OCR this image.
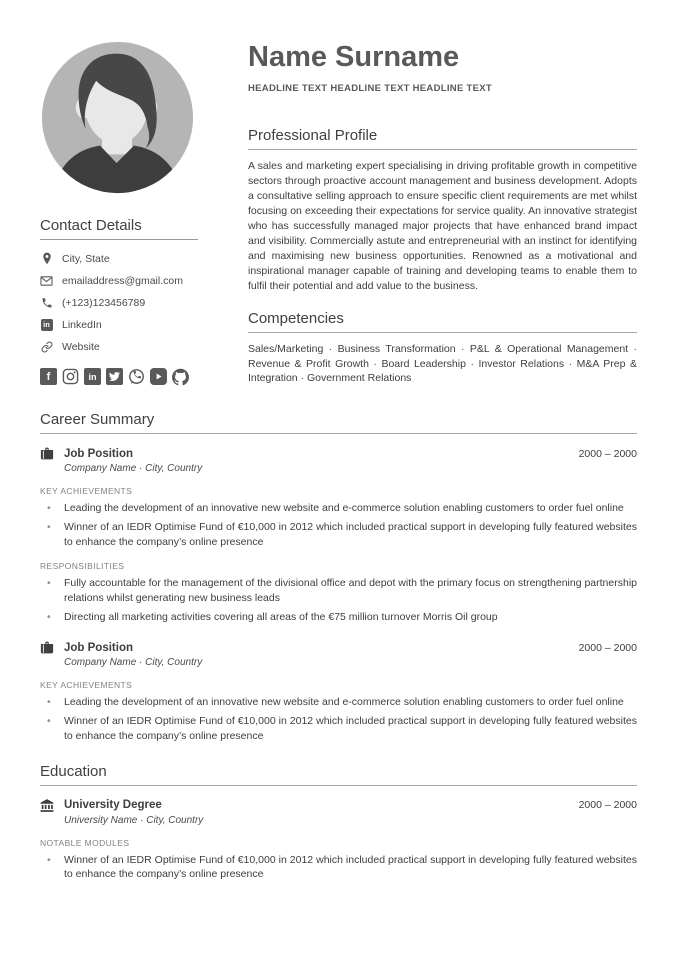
Contact Details
City, State
emailaddress@gmail.com
(+123)123456789
in LinkedIn
Website
f	in
Name Surname
HEADLINE TEXT HEADLINE TEXT HEADLINE TEXT
Professional Profile

A sales and marketing expert specialising in driving profitable growth in competitive sectors through proactive account management and business development. Adopts a consultative selling approach to ensure specific client requirements are met whilst focusing on exceeding their expectations for service quality. An innovative strategist who has successfully managed major projects that have enhanced brand impact and visibility. Commercially astute and entrepreneurial with an instinct for identifying and maximising new business opportunities. Renowned as a motivational and inspirational manager capable of training and developing teams to enable them to fulfil their potential and add value to the business.

Competencies

Sales/Marketing · Business Transformation · P&L & Operational Management · Revenue & Profit Growth · Board Leadership · Investor Relations · M&A Prep & Integration · Government Relations

Career Summary
Job Position	2000 – 2000
Company Name · City, Country
KEY ACHIEVEMENTS
• Leading the development of an innovative new website and e-commerce solution enabling customers to order fuel online
• Winner of an IEDR Optimise Fund of €10,000 in 2012 which included practical support in developing fully featured websites to enhance the company’s online presence
RESPONSIBILITIES
• Fully accountable for the management of the divisional office and depot with the primary focus on strengthening partnership relations whilst generating new business leads
• Directing all marketing activities covering all areas of the €75 million turnover Morris Oil group
Job Position	2000 – 2000
Company Name · City, Country
KEY ACHIEVEMENTS
• Leading the development of an innovative new website and e-commerce solution enabling customers to order fuel online
• Winner of an IEDR Optimise Fund of €10,000 in 2012 which included practical support in developing fully featured websites to enhance the company’s online presence
Education
University Degree	2000 – 2000
University Name · City, Country
NOTABLE MODULES
• Winner of an IEDR Optimise Fund of €10,000 in 2012 which included practical support in developing fully featured websites to enhance the company’s online presence
